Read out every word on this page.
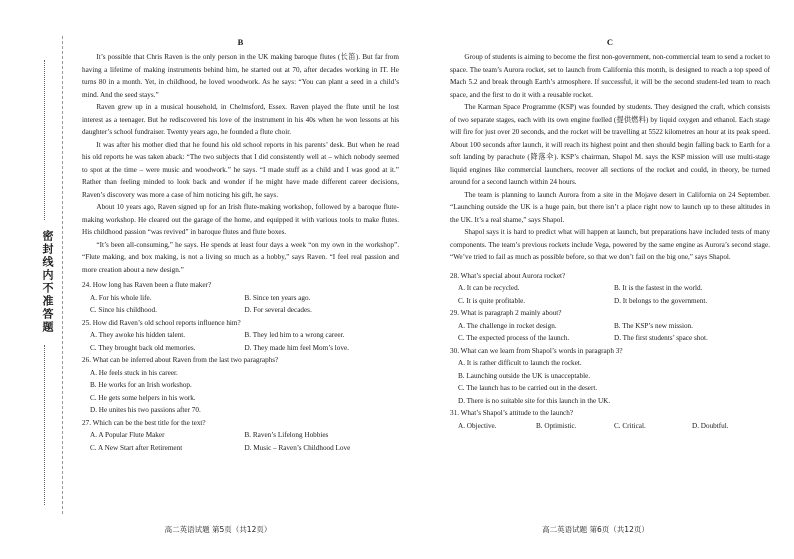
密封线内不准答题
B

It’s possible that Chris Raven is the only person in the UK making baroque flutes (长笛). But far from having a lifetime of making instruments behind him, he started out at 70, after decades working in IT. He turns 80 in a month. Yet, in childhood, he loved woodwork. As he says: “You can plant a seed in a child’s mind. And the seed stays.”

Raven grew up in a musical household, in Chelmsford, Essex. Raven played the flute until he lost interest as a teenager. But he rediscovered his love of the instrument in his 40s when he won lessons at his daughter’s school fundraiser. Twenty years ago, he founded a flute choir.

It was after his mother died that he found his old school reports in his parents’ desk. But when he read his old reports he was taken aback: “The two subjects that I did consistently well at – which nobody seemed to spot at the time – were music and woodwork.” he says. “I made stuff as a child and I was good at it.” Rather than feeling minded to look back and wonder if he might have made different career decisions, Raven’s discovery was more a case of him noticing his gift, he says.

About 10 years ago, Raven signed up for an Irish flute-making workshop, followed by a baroque flute-making workshop. He cleared out the garage of the home, and equipped it with various tools to make flutes. His childhood passion “was revived” in baroque flutes and flute boxes.

“It’s been all-consuming,” he says. He spends at least four days a week “on my own in the workshop”. “Flute making, and box making, is not a living so much as a hobby,” says Raven. “I feel real passion and more creation about a new design.”

24. How long has Raven been a flute maker?
A. For his whole life.	B. Since ten years ago.
C. Since his childhood.	D. For several decades.
25. How did Raven’s old school reports influence him?
A. They awoke his hidden talent.	B. They led him to a wrong career.
C. They brought back old memories.	D. They made him feel Mom’s love.
26. What can be inferred about Raven from the last two paragraphs?
A. He feels stuck in his career.
B. He works for an Irish workshop.
C. He gets some helpers in his work.
D. He unites his two passions after 70.
27. Which can be the best title for the text?
A. A Popular Flute Maker	B. Raven’s Lifelong Hobbies
C. A New Start after Retirement	D. Music – Raven’s Childhood Love
高二英语试题 第5页（共12页）
C

Group of students is aiming to become the first non-government, non-commercial team to send a rocket to space. The team’s Aurora rocket, set to launch from California this month, is designed to reach a top speed of Mach 5.2 and break through Earth’s atmosphere. If successful, it will be the second student-led team to reach space, and the first to do it with a reusable rocket.

The Karman Space Programme (KSP) was founded by students. They designed the craft, which consists of two separate stages, each with its own engine fuelled (提供燃料) by liquid oxygen and ethanol. Each stage will fire for just over 20 seconds, and the rocket will be travelling at 5522 kilometres an hour at its peak speed. About 100 seconds after launch, it will reach its highest point and then should begin falling back to Earth for a soft landing by parachute (降落伞). KSP’s chairman, Shapol M. says the KSP mission will use multi-stage liquid engines like commercial launchers, recover all sections of the rocket and could, in theory, be turned around for a second launch within 24 hours.

The team is planning to launch Aurora from a site in the Mojave desert in California on 24 September. “Launching outside the UK is a huge pain, but there isn’t a place right now to launch up to these altitudes in the UK. It’s a real shame,” says Shapol.

Shapol says it is hard to predict what will happen at launch, but preparations have included tests of many components. The team’s previous rockets include Vega, powered by the same engine as Aurora’s second stage. “We’ve tried to fail as much as possible before, so that we don’t fail on the big one,” says Shapol.

28. What’s special about Aurora rocket?
A. It can be recycled.	B. It is the fastest in the world.
C. It is quite profitable.	D. It belongs to the government.
29. What is paragraph 2 mainly about?
A. The challenge in rocket design.	B. The KSP’s new mission.
C. The expected process of the launch.	D. The first students’ space shot.
30. What can we learn from Shapol’s words in paragraph 3?
A. It is rather difficult to launch the rocket.
B. Launching outside the UK is unacceptable.
C. The launch has to be carried out in the desert.
D. There is no suitable site for this launch in the UK.
31. What’s Shapol’s attitude to the launch?
A. Objective.	B. Optimistic.	C. Critical.	D. Doubtful.
高二英语试题 第6页（共12页）
